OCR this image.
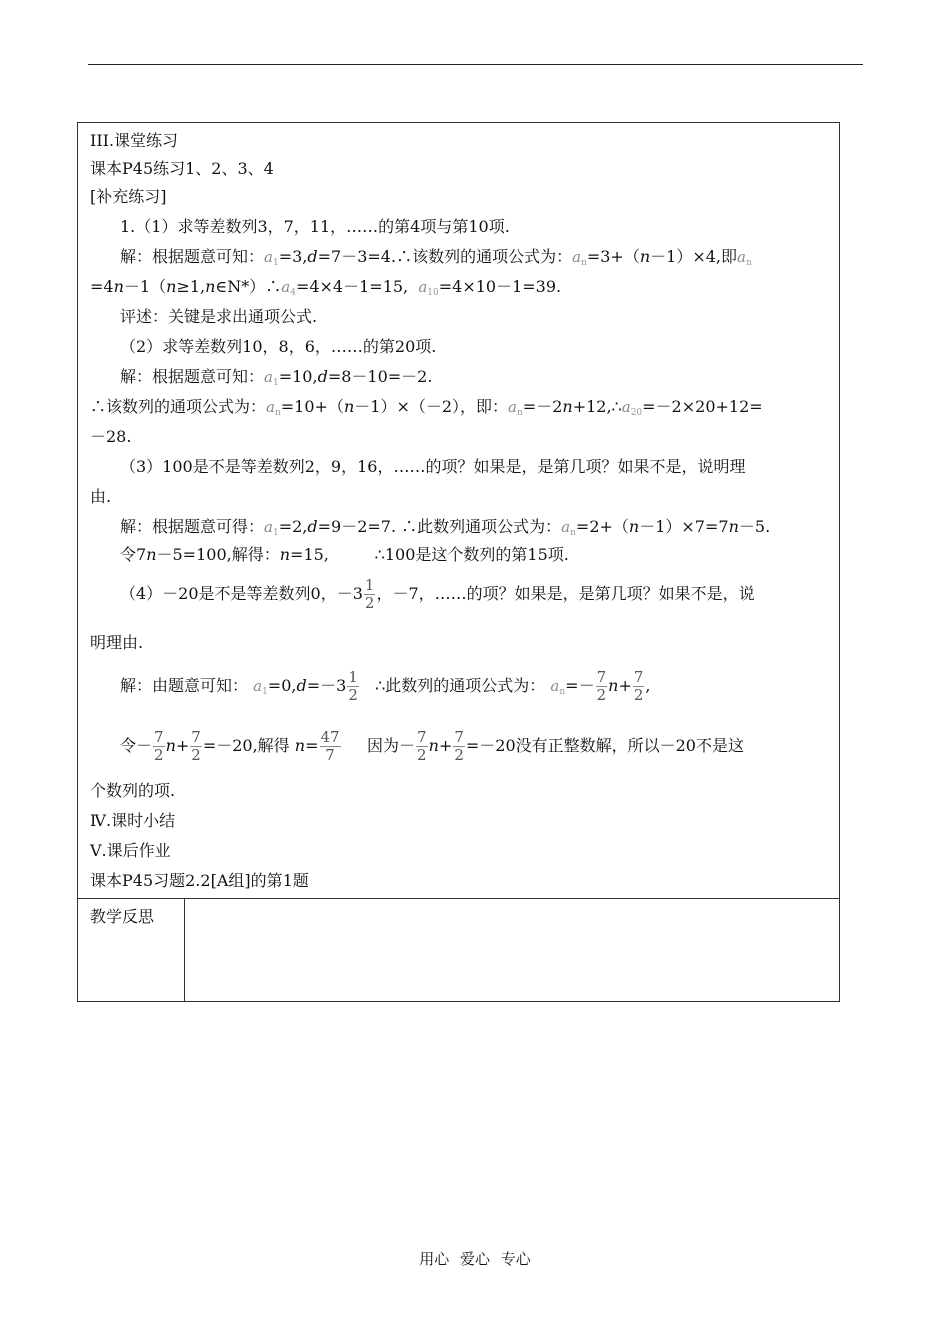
III.课堂练习
课本P45练习1、2、3、4
[补充练习]
1.（1）求等差数列3，7，11，……的第4项与第10项.
解：根据题意可知：$a_1=3,d=7-3=4.\therefore$该数列的通项公式为：$a_n=3+(n-1)\times 4$,即$a_n$
$=4n-1(n\ge 1,n\in N*)\therefore a_4=4\times 4-1=15$, $a_{10}=4\times 10-1=39$.
评述：关键是求出通项公式.
（2）求等差数列10，8，6，……的第20项.
解：根据题意可知：$a_1=10,d=8-10=-2$.
∴该数列的通项公式为：$a_n=10+(n-1)\times(-2)$，即：$a_n=-2n+12,\therefore a_{20}=-2\times 20+12=$
－28.
（3）100是不是等差数列2，9，16，……的项？如果是，是第几项？如果不是，说明理
由.
解：根据题意可得：$a_1=2,d=9-2=7$. ∴此数列通项公式为：$a_n=2+(n-1)\times 7=7n-5$.
令7n－5=100,解得：n=15,	∴100是这个数列的第15项.
（4）－20是不是等差数列0，$-3 \frac{1}{2}$ ，－7，……的项？如果是，是第几项？如果不是，说
明理由.
解：由题意可知： $a_1=0,d=-3 \frac{1}{2}$ ∴此数列的通项公式为： $a_n=- \frac{7}{2} n+ \frac{7}{2}$ ,
令－ $\frac{7}{2} n+ \frac{7}{2} =-20$,解得 $n= \frac{47}{7}$ 因为－ $\frac{7}{2} n+ \frac{7}{2} =-20$没有正整数解，所以－20不是这
个数列的项.
Ⅳ.课时小结
Ⅴ.课后作业
课本P45习题2.2[A组]的第1题
教学反思
用心 爱心 专心
